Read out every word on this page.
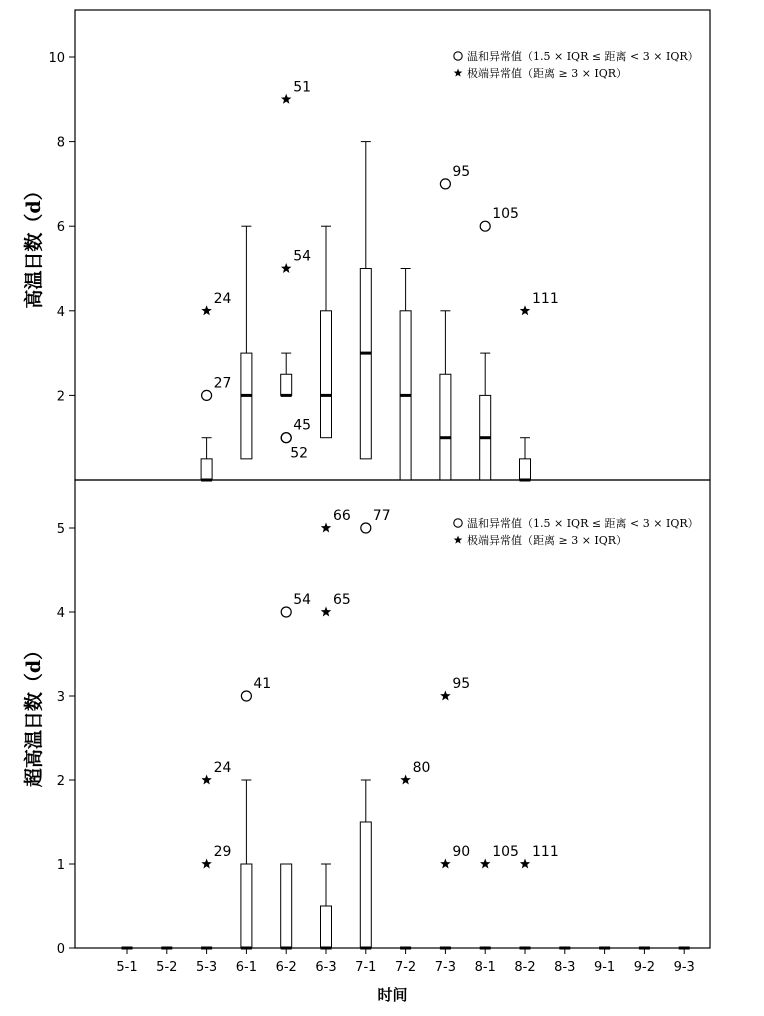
2
4
6
8
10
高温日数（d）	24
27
51
54
45
52
95
105
111
温和异常值（1.5 × IQR ≤ 距离 < 3 × IQR）
极端异常值（距离 ≥ 3 × IQR）
0
1
2
3
4
5
超高温日数（d）	24
29
41
54
66
65
77
80
95
90 105 111
温和异常值（1.5 × IQR ≤ 距离 < 3 × IQR）
极端异常值（距离 ≥ 3 × IQR）
5-1 5-2 5-3 6-1 6-2 6-3 7-1 7-2 7-3 8-1 8-2 8-3 9-1 9-2 9-3
时间
